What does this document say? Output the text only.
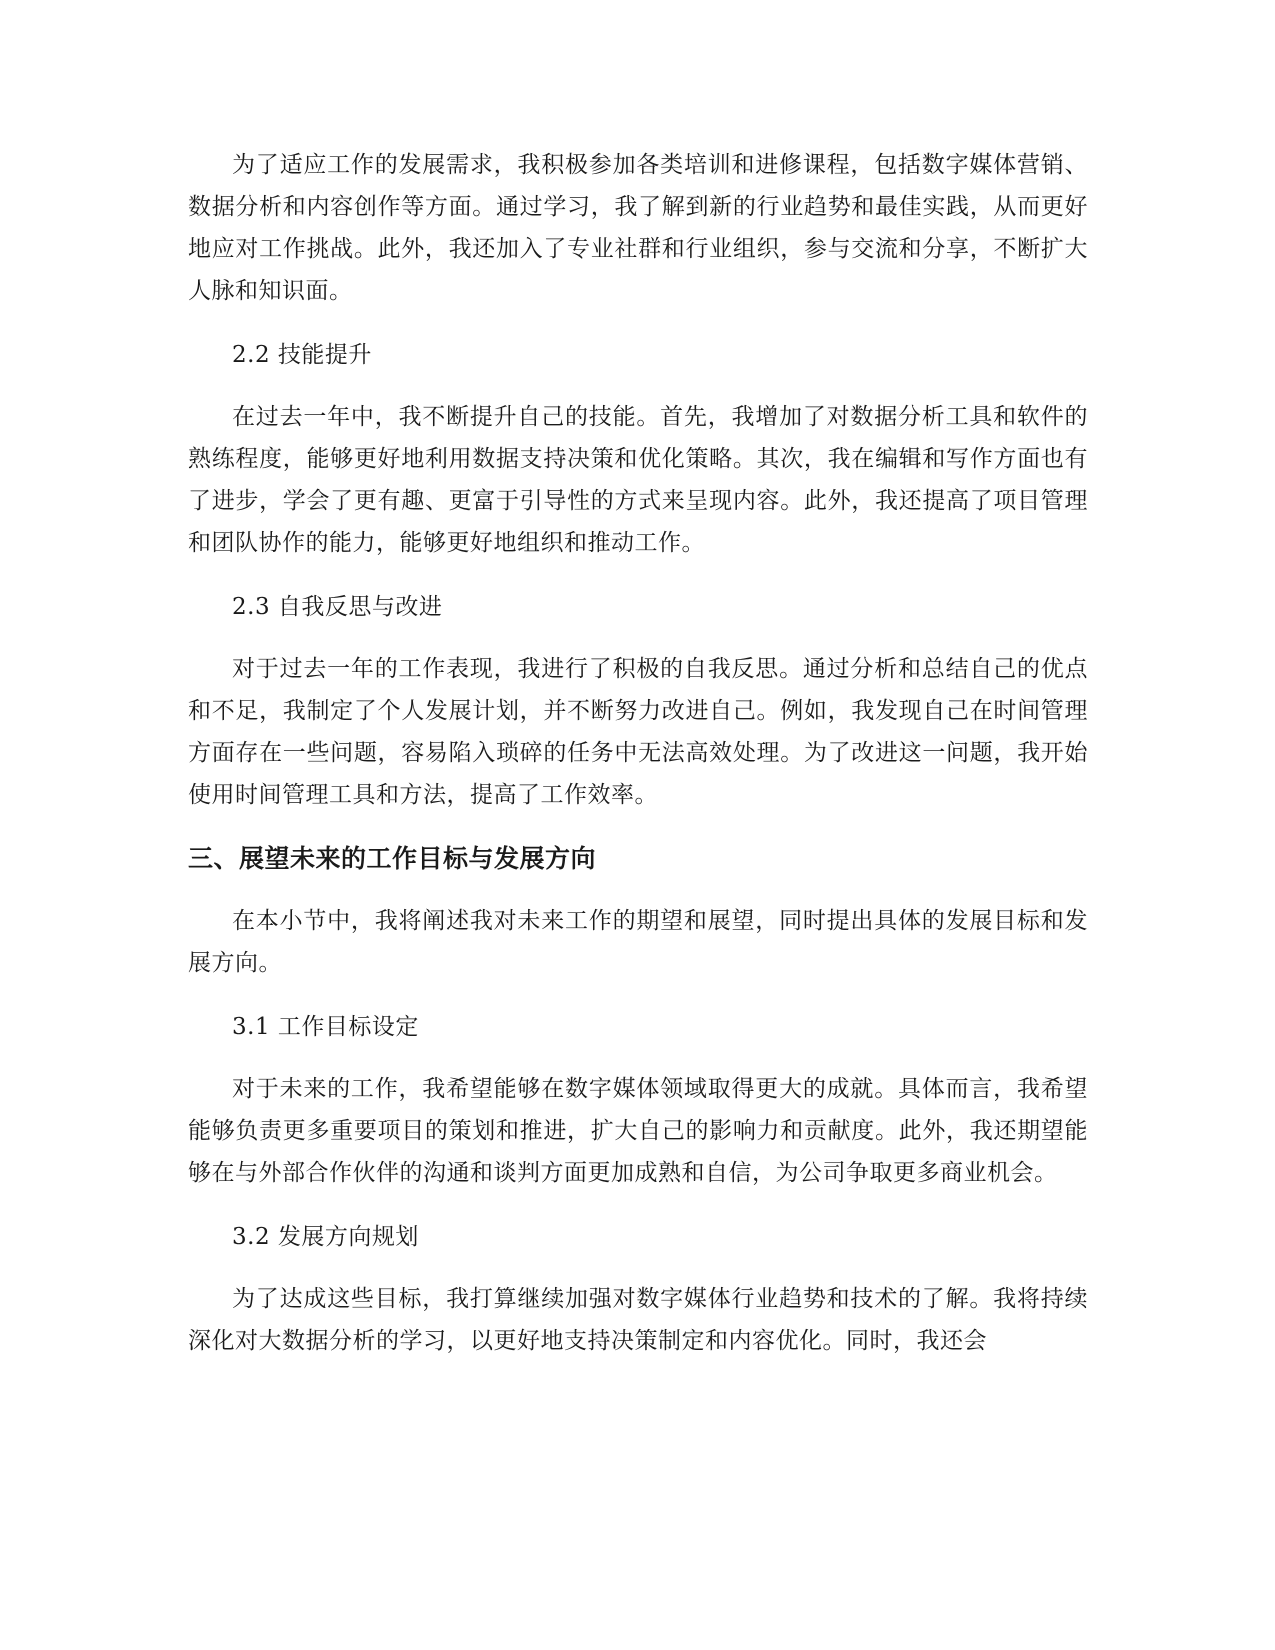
为了适应工作的发展需求，我积极参加各类培训和进修课程，包括数字媒体营销、数据分析和内容创作等方面。通过学习，我了解到新的行业趋势和最佳实践，从而更好地应对工作挑战。此外，我还加入了专业社群和行业组织，参与交流和分享，不断扩大人脉和知识面。

2.2 技能提升

在过去一年中，我不断提升自己的技能。首先，我增加了对数据分析工具和软件的熟练程度，能够更好地利用数据支持决策和优化策略。其次，我在编辑和写作方面也有了进步，学会了更有趣、更富于引导性的方式来呈现内容。此外，我还提高了项目管理和团队协作的能力，能够更好地组织和推动工作。

2.3 自我反思与改进

对于过去一年的工作表现，我进行了积极的自我反思。通过分析和总结自己的优点和不足，我制定了个人发展计划，并不断努力改进自己。例如，我发现自己在时间管理方面存在一些问题，容易陷入琐碎的任务中无法高效处理。为了改进这一问题，我开始使用时间管理工具和方法，提高了工作效率。

三、展望未来的工作目标与发展方向

在本小节中，我将阐述我对未来工作的期望和展望，同时提出具体的发展目标和发展方向。

3.1 工作目标设定

对于未来的工作，我希望能够在数字媒体领域取得更大的成就。具体而言，我希望能够负责更多重要项目的策划和推进，扩大自己的影响力和贡献度。此外，我还期望能够在与外部合作伙伴的沟通和谈判方面更加成熟和自信，为公司争取更多商业机会。

3.2 发展方向规划

为了达成这些目标，我打算继续加强对数字媒体行业趋势和技术的了解。我将持续深化对大数据分析的学习，以更好地支持决策制定和内容优化。同时，我还会
